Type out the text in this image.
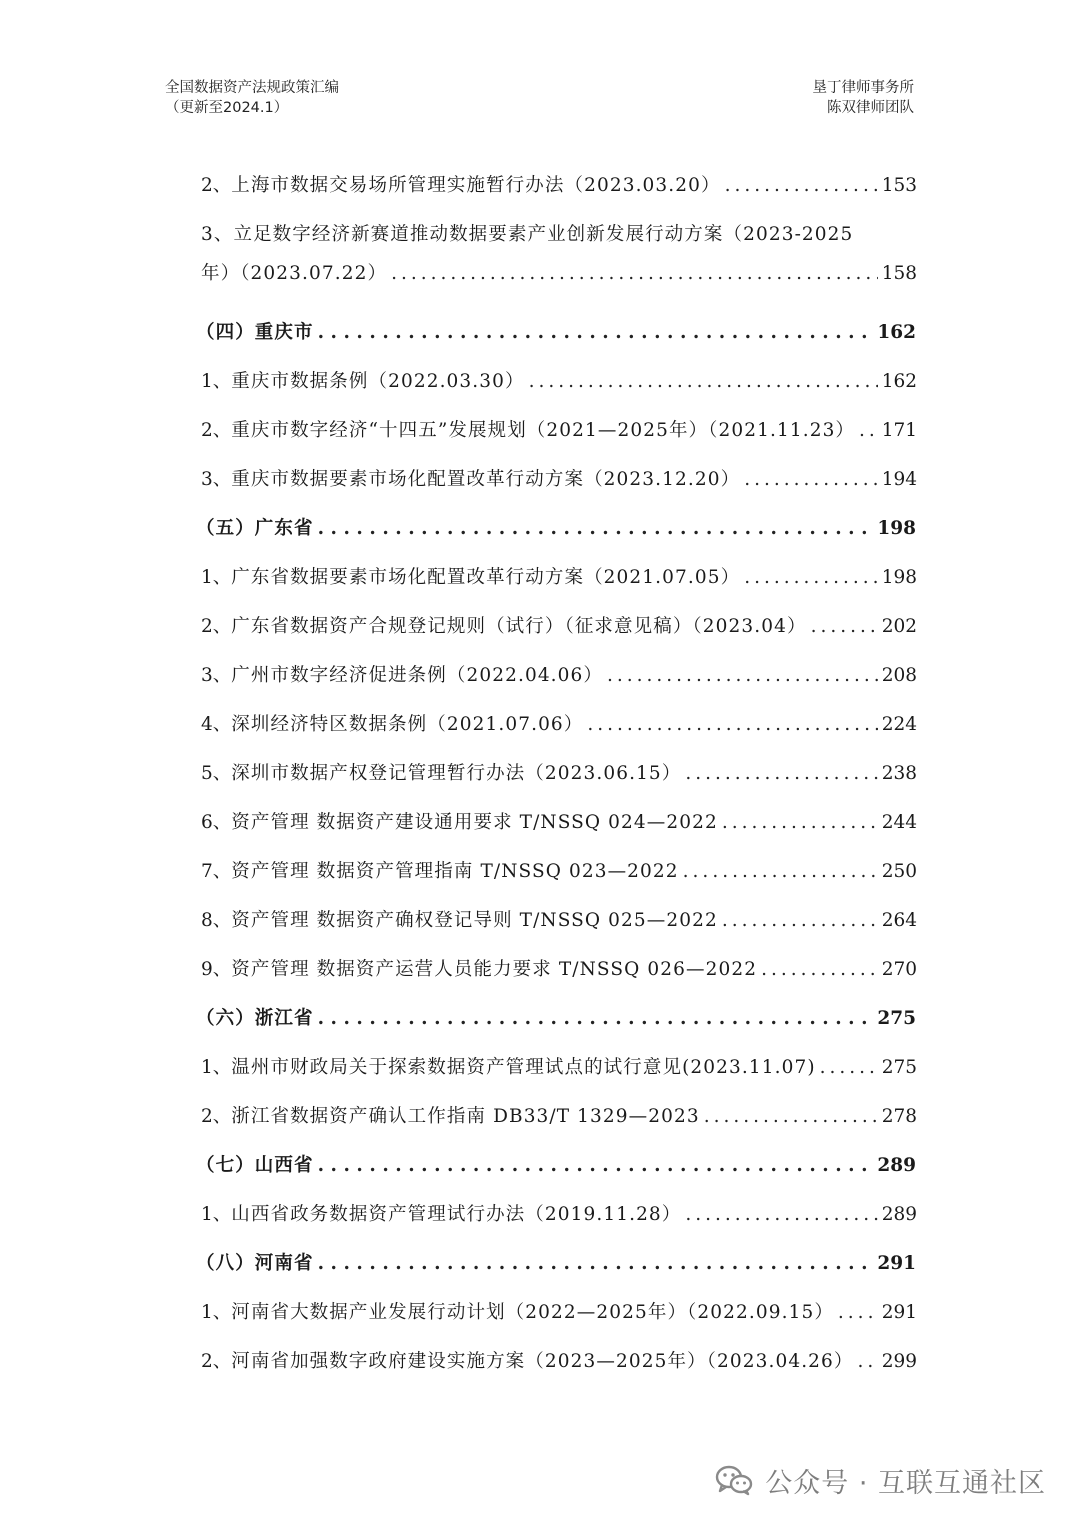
全国数据资产法规政策汇编
（更新至2024.1）
垦丁律师事务所
陈双律师团队
2、 上海市数据交易场所管理实施暂行办法（2023.03.20） .....	153
3、立足数字经济新赛道推动数据要素产业创新发展行动方案（2023-2025
年）（2023.07.22） .....	158
（四）重庆市 .....	162
1、 重庆市数据条例（2022.03.30） .....	162
2、 重庆市数字经济“十四五”发展规划（2021—2025年）（2021.11.23） ..... 171
3、 重庆市数据要素市场化配置改革行动方案（2023.12.20） .....	194
（五）广东省 .....	198
1、 广东省数据要素市场化配置改革行动方案（2021.07.05） .....	198
2、 广东省数据资产合规登记规则（试行）（征求意见稿）（2023.04） .....	202
3、 广州市数字经济促进条例（2022.04.06） .....	208
4、 深圳经济特区数据条例（2021.07.06） .....	224
5、 深圳市数据产权登记管理暂行办法（2023.06.15） .....	238
6、 资产管理 数据资产建设通用要求 T/NSSQ 024—2022 .....	244
7、 资产管理 数据资产管理指南 T/NSSQ 023—2022 .....	250
8、 资产管理 数据资产确权登记导则 T/NSSQ 025—2022 .....	264
9、 资产管理 数据资产运营人员能力要求 T/NSSQ 026—2022 .....	270
（六）浙江省 .....	275
1、 温州市财政局关于探索数据资产管理试点的试行意见(2023.11.07) .....	275
2、 浙江省数据资产确认工作指南 DB33/T 1329—2023 .....	278
（七）山西省 .....	289
1、 山西省政务数据资产管理试行办法（2019.11.28） .....	289
（八）河南省 .....	291
1、 河南省大数据产业发展行动计划（2022—2025年）（2022.09.15） .....	291
2、 河南省加强数字政府建设实施方案（2023—2025年）（2023.04.26） ..... 299
公众号 · 互联互通社区
